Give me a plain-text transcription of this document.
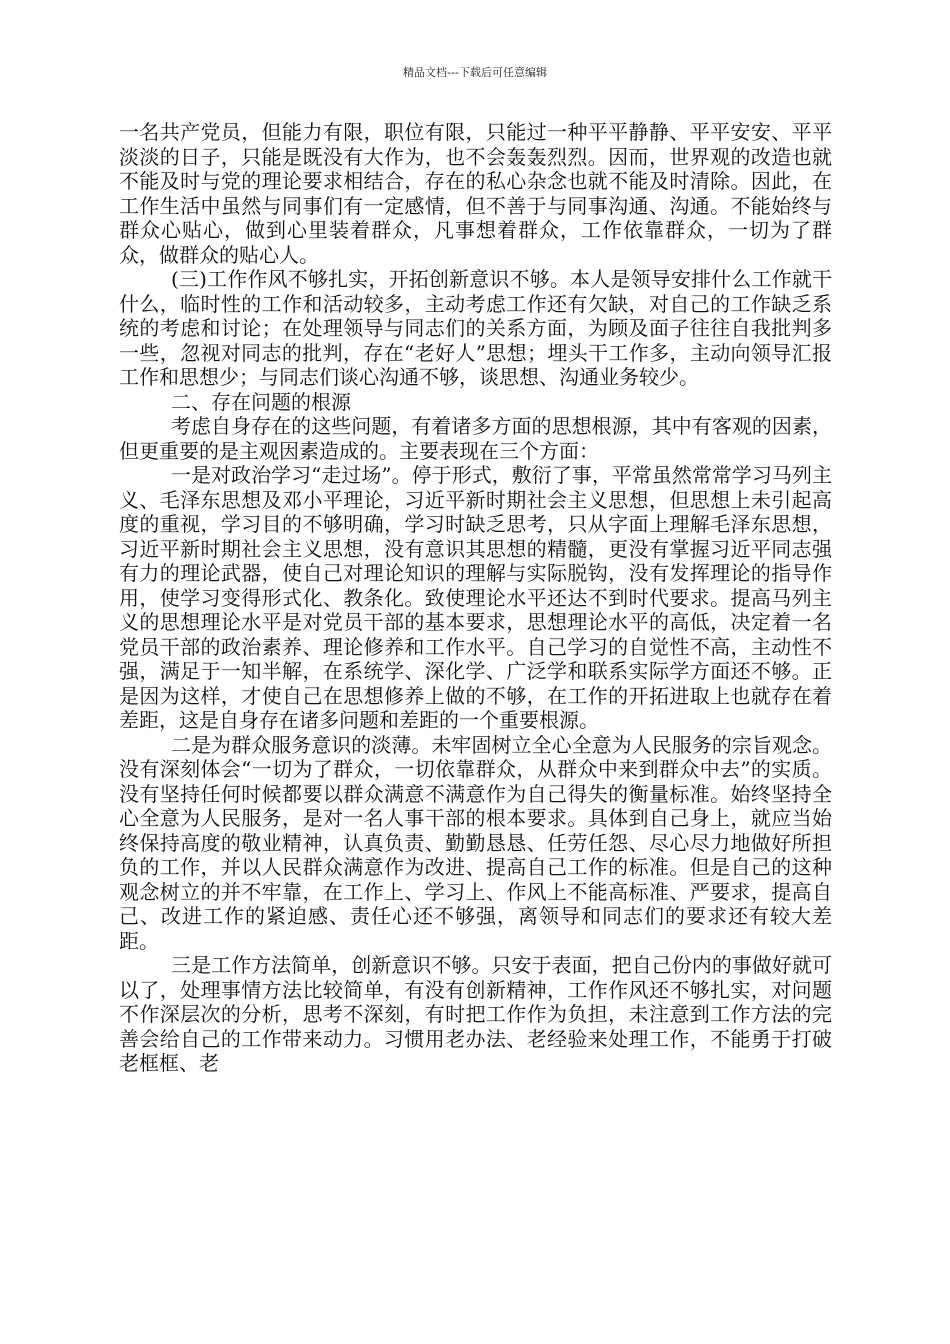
精品文档---下载后可任意编辑

一名共产党员，但能力有限，职位有限，只能过一种平平静静、平平安安、平平淡淡的日子，只能是既没有大作为，也不会轰轰烈烈。因而，世界观的改造也就不能及时与党的理论要求相结合，存在的私心杂念也就不能及时清除。因此，在工作生活中虽然与同事们有一定感情，但不善于与同事沟通、沟通。不能始终与群众心贴心，做到心里装着群众，凡事想着群众，工作依靠群众，一切为了群众，做群众的贴心人。

(三)工作作风不够扎实，开拓创新意识不够。本人是领导安排什么工作就干什么，临时性的工作和活动较多，主动考虑工作还有欠缺，对自己的工作缺乏系统的考虑和讨论；在处理领导与同志们的关系方面，为顾及面子往往自我批判多一些，忽视对同志的批判，存在“老好人”思想；埋头干工作多，主动向领导汇报工作和思想少；与同志们谈心沟通不够，谈思想、沟通业务较少。

二、存在问题的根源

考虑自身存在的这些问题，有着诸多方面的思想根源，其中有客观的因素，但更重要的是主观因素造成的。主要表现在三个方面：

一是对政治学习“走过场”。停于形式，敷衍了事，平常虽然常常学习马列主义、毛泽东思想及邓小平理论，习近平新时期社会主义思想，但思想上未引起高度的重视，学习目的不够明确，学习时缺乏思考，只从字面上理解毛泽东思想，习近平新时期社会主义思想，没有意识其思想的精髓，更没有掌握习近平同志强有力的理论武器，使自己对理论知识的理解与实际脱钩，没有发挥理论的指导作用，使学习变得形式化、教条化。致使理论水平还达不到时代要求。提高马列主义的思想理论水平是对党员干部的基本要求，思想理论水平的高低，决定着一名党员干部的政治素养、理论修养和工作水平。自己学习的自觉性不高，主动性不强，满足于一知半解，在系统学、深化学、广泛学和联系实际学方面还不够。正是因为这样，才使自己在思想修养上做的不够，在工作的开拓进取上也就存在着差距，这是自身存在诸多问题和差距的一个重要根源。

二是为群众服务意识的淡薄。未牢固树立全心全意为人民服务的宗旨观念。没有深刻体会“一切为了群众，一切依靠群众，从群众中来到群众中去”的实质。没有坚持任何时候都要以群众满意不满意作为自己得失的衡量标准。始终坚持全心全意为人民服务，是对一名人事干部的根本要求。具体到自己身上，就应当始终保持高度的敬业精神，认真负责、勤勤恳恳、任劳任怨、尽心尽力地做好所担负的工作，并以人民群众满意作为改进、提高自己工作的标准。但是自己的这种观念树立的并不牢靠，在工作上、学习上、作风上不能高标准、严要求，提高自己、改进工作的紧迫感、责任心还不够强，离领导和同志们的要求还有较大差距。

三是工作方法简单，创新意识不够。只安于表面，把自己份内的事做好就可以了，处理事情方法比较简单，有没有创新精神，工作作风还不够扎实，对问题不作深层次的分析，思考不深刻，有时把工作作为负担，未注意到工作方法的完善会给自己的工作带来动力。习惯用老办法、老经验来处理工作，不能勇于打破老框框、老
